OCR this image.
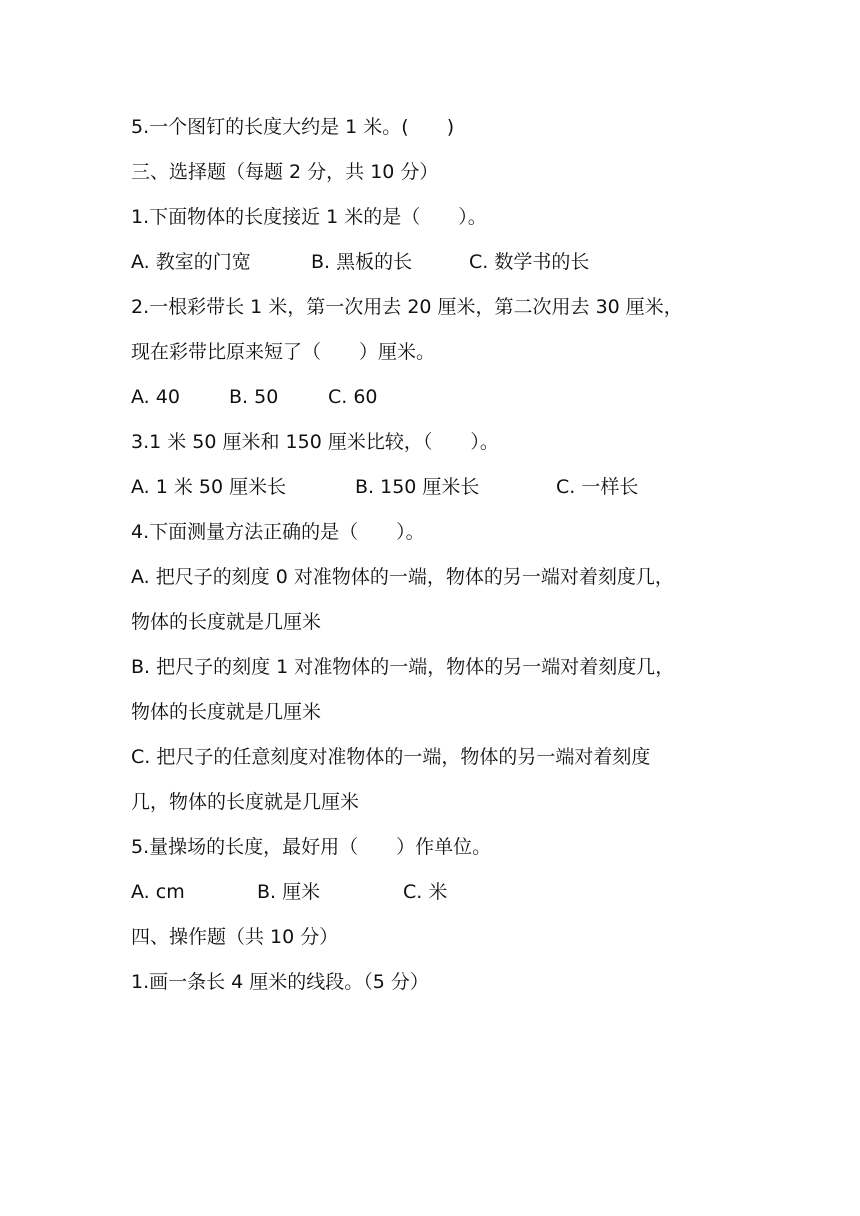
5.一个图钉的长度大约是 1 米。(　　)
三、选择题（每题 2 分，共 10 分）
1.下面物体的长度接近 1 米的是（　　）。
A. 教室的门宽	B. 黑板的长	C. 数学书的长
2.一根彩带长 1 米，第一次用去 20 厘米，第二次用去 30 厘米，
现在彩带比原来短了（　　）厘米。
A. 40	B. 50	C. 60
3.1 米 50 厘米和 150 厘米比较，（　　）。
A. 1 米 50 厘米长	B. 150 厘米长	C. 一样长
4.下面测量方法正确的是（　　）。
A. 把尺子的刻度 0 对准物体的一端，物体的另一端对着刻度几，
物体的长度就是几厘米
B. 把尺子的刻度 1 对准物体的一端，物体的另一端对着刻度几，
物体的长度就是几厘米
C. 把尺子的任意刻度对准物体的一端，物体的另一端对着刻度
几，物体的长度就是几厘米
5.量操场的长度，最好用（　　）作单位。
A. cm	B. 厘米	C. 米
四、操作题（共 10 分）
1.画一条长 4 厘米的线段。（5 分）
